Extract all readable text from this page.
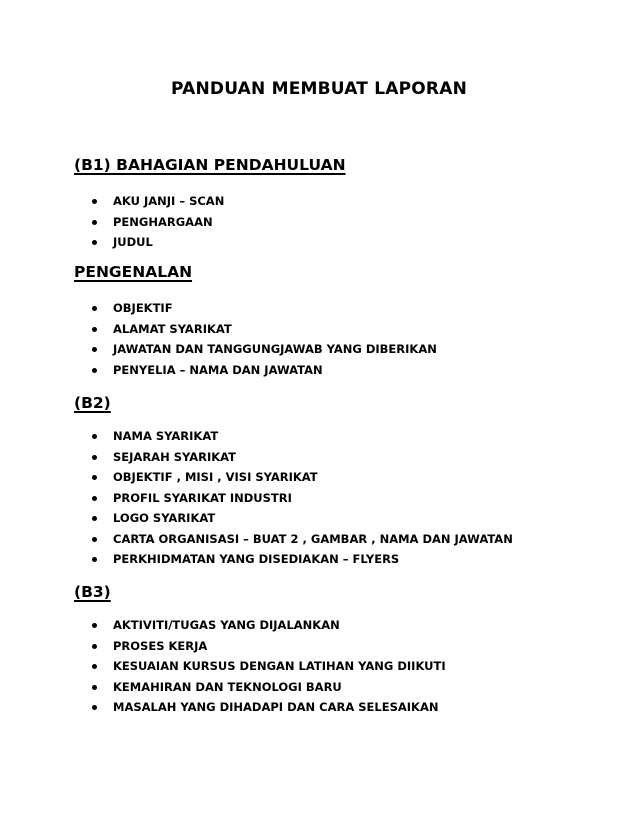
PANDUAN MEMBUAT LAPORAN
(B1) BAHAGIAN PENDAHULUAN
AKU JANJI – SCAN
PENGHARGAAN
JUDUL
PENGENALAN
OBJEKTIF
ALAMAT SYARIKAT
JAWATAN DAN TANGGUNGJAWAB YANG DIBERIKAN
PENYELIA – NAMA DAN JAWATAN
(B2)
NAMA SYARIKAT
SEJARAH SYARIKAT
OBJEKTIF , MISI , VISI SYARIKAT
PROFIL SYARIKAT INDUSTRI
LOGO SYARIKAT
CARTA ORGANISASI – BUAT 2 , GAMBAR , NAMA DAN JAWATAN
PERKHIDMATAN YANG DISEDIAKAN – FLYERS
(B3)
AKTIVITI/TUGAS YANG DIJALANKAN
PROSES KERJA
KESUAIAN KURSUS DENGAN LATIHAN YANG DIIKUTI
KEMAHIRAN DAN TEKNOLOGI BARU
MASALAH YANG DIHADAPI DAN CARA SELESAIKAN
